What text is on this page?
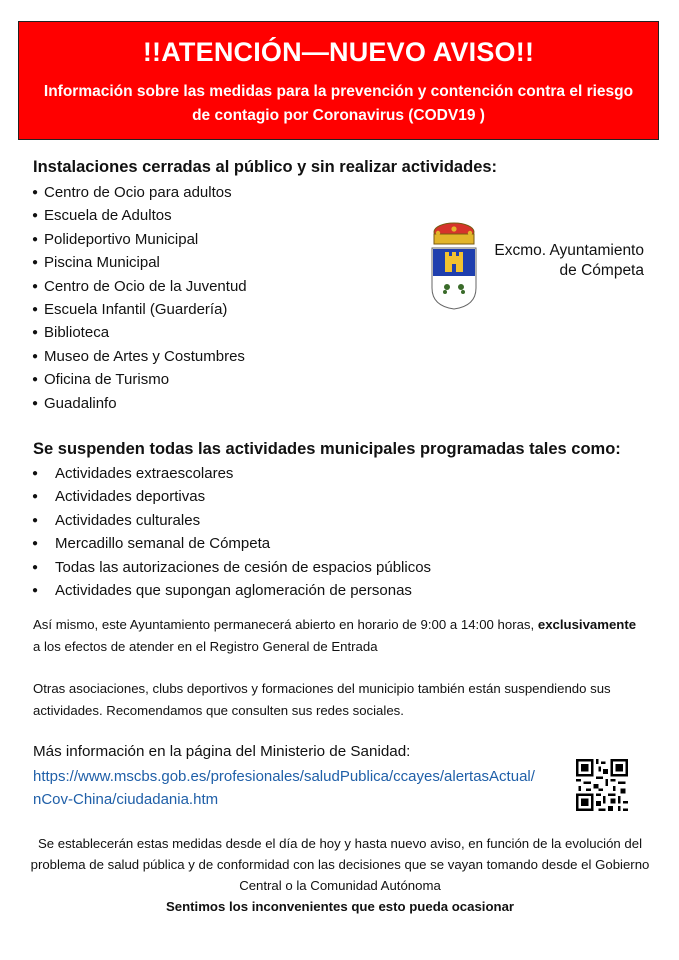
!!ATENCIÓN—NUEVO AVISO!!
Información sobre las medidas para la prevención y contención contra el riesgo de contagio por Coronavirus (CODV19 )
Instalaciones cerradas al público y sin realizar actividades:
● Centro de Ocio para adultos
● Escuela de Adultos
● Polideportivo Municipal
● Piscina Municipal
● Centro de Ocio de la Juventud
● Escuela Infantil (Guardería)
● Biblioteca
● Museo de Artes y Costumbres
● Oficina de Turismo
● Guadalinfo
Excmo. Ayuntamiento
de Cómpeta
Se suspenden todas las actividades municipales programadas tales como:
● Actividades extraescolares
● Actividades deportivas
● Actividades culturales
● Mercadillo semanal de Cómpeta
● Todas las autorizaciones de cesión de espacios públicos
● Actividades que supongan aglomeración de personas
Así mismo, este Ayuntamiento permanecerá abierto en horario de 9:00 a 14:00 horas, exclusivamente a los efectos de atender en el Registro General de Entrada
Otras asociaciones, clubs deportivos y formaciones del municipio también están suspendiendo sus actividades. Recomendamos que consulten sus redes sociales.
Más información en la página del Ministerio de Sanidad:
https://www.mscbs.gob.es/profesionales/saludPublica/ccayes/alertasActual/
nCov-China/ciudadania.htm
Se establecerán estas medidas desde el día de hoy y hasta nuevo aviso, en función de la evolución del problema de salud pública y de conformidad con las decisiones que se vayan tomando desde el Gobierno Central o la Comunidad Autónoma
Sentimos los inconvenientes que esto pueda ocasionar
